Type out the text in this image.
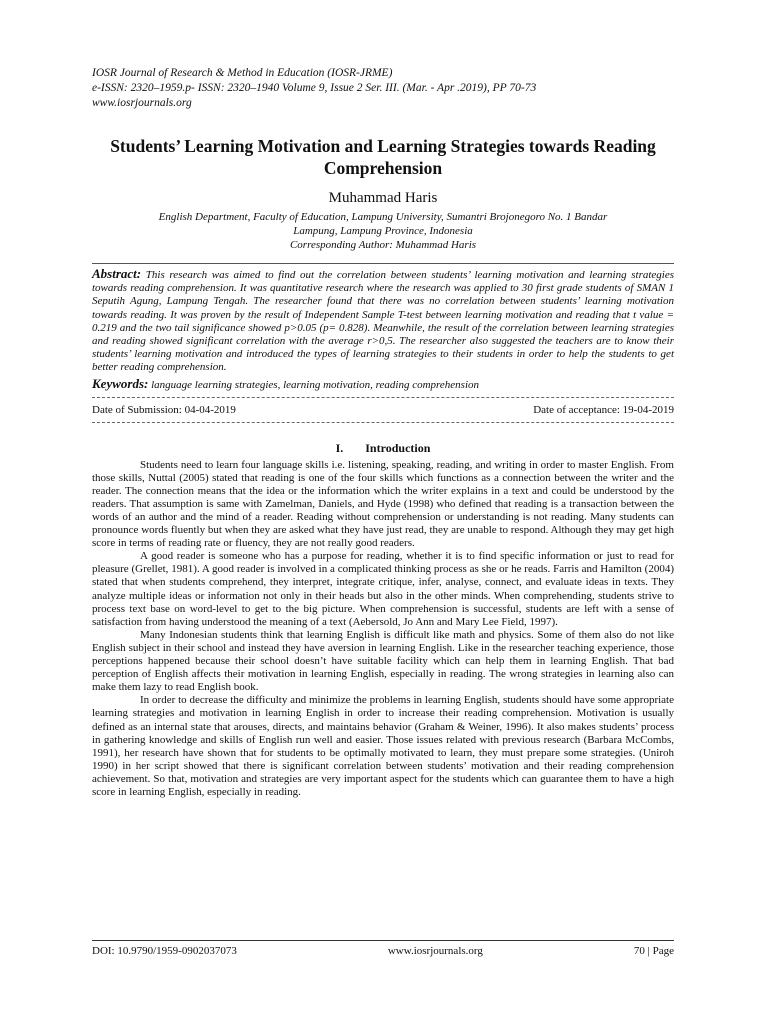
IOSR Journal of Research & Method in Education (IOSR-JRME)
e-ISSN: 2320–1959.p- ISSN: 2320–1940 Volume 9, Issue 2 Ser. III. (Mar. - Apr .2019), PP 70-73
www.iosrjournals.org
Students’ Learning Motivation and Learning Strategies towards Reading Comprehension
Muhammad Haris
English Department, Faculty of Education, Lampung University, Sumantri Brojonegoro No. 1 Bandar
Lampung, Lampung Province, Indonesia
Corresponding Author: Muhammad Haris
Abstract: This research was aimed to find out the correlation between students’ learning motivation and learning strategies towards reading comprehension. It was quantitative research where the research was applied to 30 first grade students of SMAN 1 Seputih Agung, Lampung Tengah. The researcher found that there was no correlation between students’ learning motivation towards reading. It was proven by the result of Independent Sample T-test between learning motivation and reading that t value = 0.219 and the two tail significance showed p>0.05 (p= 0.828). Meanwhile, the result of the correlation between learning strategies and reading showed significant correlation with the average r>0,5. The researcher also suggested the teachers are to know their students’ learning motivation and introduced the types of learning strategies to their students in order to help the students to get better reading comprehension.
Keywords: language learning strategies, learning motivation, reading comprehension
Date of Submission: 04-04-2019	Date of acceptance: 19-04-2019
I. Introduction

Students need to learn four language skills i.e. listening, speaking, reading, and writing in order to master English. From those skills, Nuttal (2005) stated that reading is one of the four skills which functions as a connection between the writer and the reader. The connection means that the idea or the information which the writer explains in a text and could be understood by the readers. That assumption is same with Zamelman, Daniels, and Hyde (1998) who defined that reading is a transaction between the words of an author and the mind of a reader. Reading without comprehension or understanding is not reading. Many students can pronounce words fluently but when they are asked what they have just read, they are unable to respond. Although they may get high score in terms of reading rate or fluency, they are not really good readers.

A good reader is someone who has a purpose for reading, whether it is to find specific information or just to read for pleasure (Grellet, 1981). A good reader is involved in a complicated thinking process as she or he reads. Farris and Hamilton (2004) stated that when students comprehend, they interpret, integrate critique, infer, analyse, connect, and evaluate ideas in texts. They analyze multiple ideas or information not only in their heads but also in the other minds. When comprehending, students strive to process text base on word-level to get to the big picture. When comprehension is successful, students are left with a sense of satisfaction from having understood the meaning of a text (Aebersold, Jo Ann and Mary Lee Field, 1997).

Many Indonesian students think that learning English is difficult like math and physics. Some of them also do not like English subject in their school and instead they have aversion in learning English. Like in the researcher teaching experience, those perceptions happened because their school doesn’t have suitable facility which can help them in learning English. That bad perception of English affects their motivation in learning English, especially in reading. The wrong strategies in learning also can make them lazy to read English book.

In order to decrease the difficulty and minimize the problems in learning English, students should have some appropriate learning strategies and motivation in learning English in order to increase their reading comprehension. Motivation is usually defined as an internal state that arouses, directs, and maintains behavior (Graham & Weiner, 1996). It also makes students’ process in gathering knowledge and skills of English run well and easier. Those issues related with previous research (Barbara McCombs, 1991), her research have shown that for students to be optimally motivated to learn, they must prepare some strategies. (Uniroh 1990) in her script showed that there is significant correlation between students’ motivation and their reading comprehension achievement. So that, motivation and strategies are very important aspect for the students which can guarantee them to have a high score in learning English, especially in reading.

DOI: 10.9790/1959-0902037073	www.iosrjournals.org	70 | Page
